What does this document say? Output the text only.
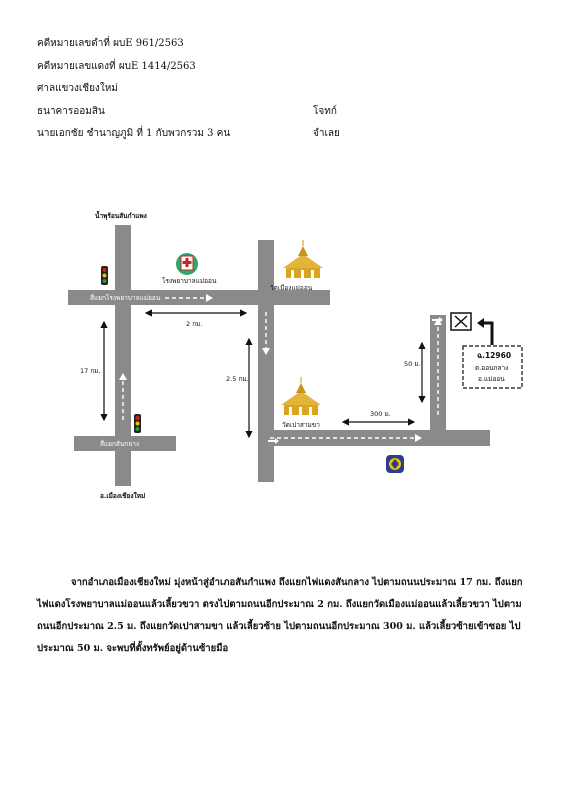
คดีหมายเลขดำที่ ผบE 961/2563
คดีหมายเลขแดงที่ ผบE 1414/2563
ศาลแขวงเชียงใหม่
ธนาคารออมสิน	โจทก์
นายเอกชัย ชำนาญภูมิ ที่ 1 กับพวกรวม 3 คน	จำเลย
สี่แยกโรงพยาบาลแม่ออน
สี่แยกสันกลาง
น้ำพุร้อนสันกำแพง
โรงพยาบาลแม่ออน
วัดเมืองแม่ออน
วัดเปาสามขา
อ.เมืองเชียงใหม่
17 กม.
2 กม.
2.5 กม.
300 ม.
50 ม.
ฉ.12960
ต.ออนกลาง
อ.แม่ออน

จากอำเภอเมืองเชียงใหม่ มุ่งหน้าสู่อำเภอสันกำแพง ถึงแยกไฟแดงสันกลาง ไปตามถนนประมาณ 17 กม. ถึงแยกไฟแดงโรงพยาบาลแม่ออนแล้วเลี้ยวขวา ตรงไปตามถนนอีกประมาณ 2 กม. ถึงแยกวัดเมืองแม่ออนแล้วเลี้ยวขวา ไปตามถนนอีกประมาณ 2.5 ม. ถึงแยกวัดเปาสามขา แล้วเลี้ยวซ้าย ไปตามถนนอีกประมาณ 300 ม. แล้วเลี้ยวซ้ายเข้าซอย ไปประมาณ 50 ม. จะพบที่ตั้งทรัพย์อยู่ด้านซ้ายมือ
